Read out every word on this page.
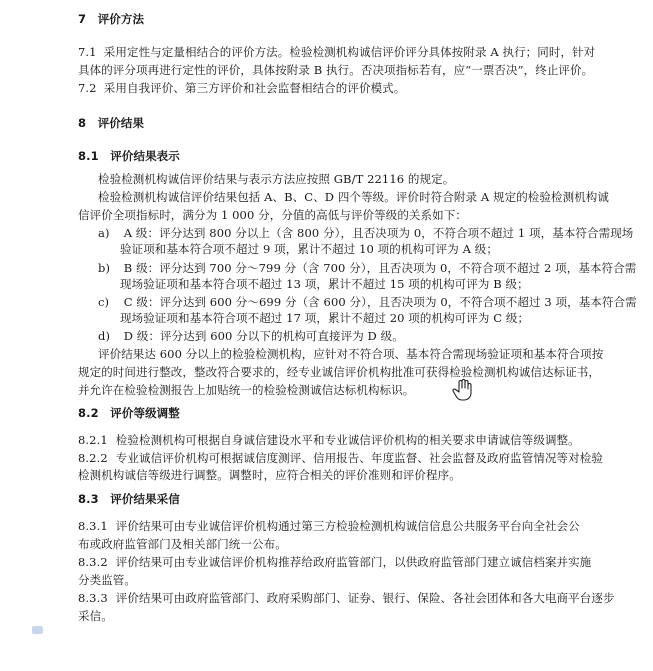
7　评价方法
7.1 采用定性与定量相结合的评价方法。检验检测机构诚信评价评分具体按附录 A 执行；同时，针对
具体的评分项再进行定性的评价，具体按附录 B 执行。否决项指标若有，应“一票否决”，终止评价。
7.2 采用自我评价、第三方评价和社会监督相结合的评价模式。
8　评价结果
8.1　评价结果表示
检验检测机构诚信评价结果与表示方法应按照 GB/T 22116 的规定。
检验检测机构诚信评价结果包括 A、B、C、D 四个等级。评价时符合附录 A 规定的检验检测机构诚
信评价全项指标时，满分为 1 000 分，分值的高低与评价等级的关系如下：
a) A 级：评分达到 800 分以上（含 800 分），且否决项为 0，不符合项不超过 1 项，基本符合需现场
验证项和基本符合项不超过 9 项，累计不超过 10 项的机构可评为 A 级；
b) B 级：评分达到 700 分～799 分（含 700 分），且否决项为 0，不符合项不超过 2 项，基本符合需
现场验证项和基本符合项不超过 13 项，累计不超过 15 项的机构可评为 B 级；
c) C 级：评分达到 600 分～699 分（含 600 分），且否决项为 0，不符合项不超过 3 项，基本符合需
现场验证项和基本符合项不超过 17 项，累计不超过 20 项的机构可评为 C 级；
d) D 级：评分达到 600 分以下的机构可直接评为 D 级。
评价结果达 600 分以上的检验检测机构，应针对不符合项、基本符合需现场验证项和基本符合项按
规定的时间进行整改，整改符合要求的，经专业诚信评价机构批准可获得检验检测机构诚信达标证书，
并允许在检验检测报告上加贴统一的检验检测诚信达标机构标识。
8.2　评价等级调整
8.2.1 检验检测机构可根据自身诚信建设水平和专业诚信评价机构的相关要求申请诚信等级调整。
8.2.2 专业诚信评价机构可根据诚信度测评、信用报告、年度监督、社会监督及政府监管情况等对检验
检测机构诚信等级进行调整。调整时，应符合相关的评价准则和评价程序。
8.3　评价结果采信
8.3.1 评价结果可由专业诚信评价机构通过第三方检验检测机构诚信信息公共服务平台向全社会公
布或政府监管部门及相关部门统一公布。
8.3.2 评价结果可由专业诚信评价机构推荐给政府监管部门，以供政府监管部门建立诚信档案并实施
分类监管。
8.3.3 评价结果可由政府监管部门、政府采购部门、证券、银行、保险、各社会团体和各大电商平台逐步
采信。
